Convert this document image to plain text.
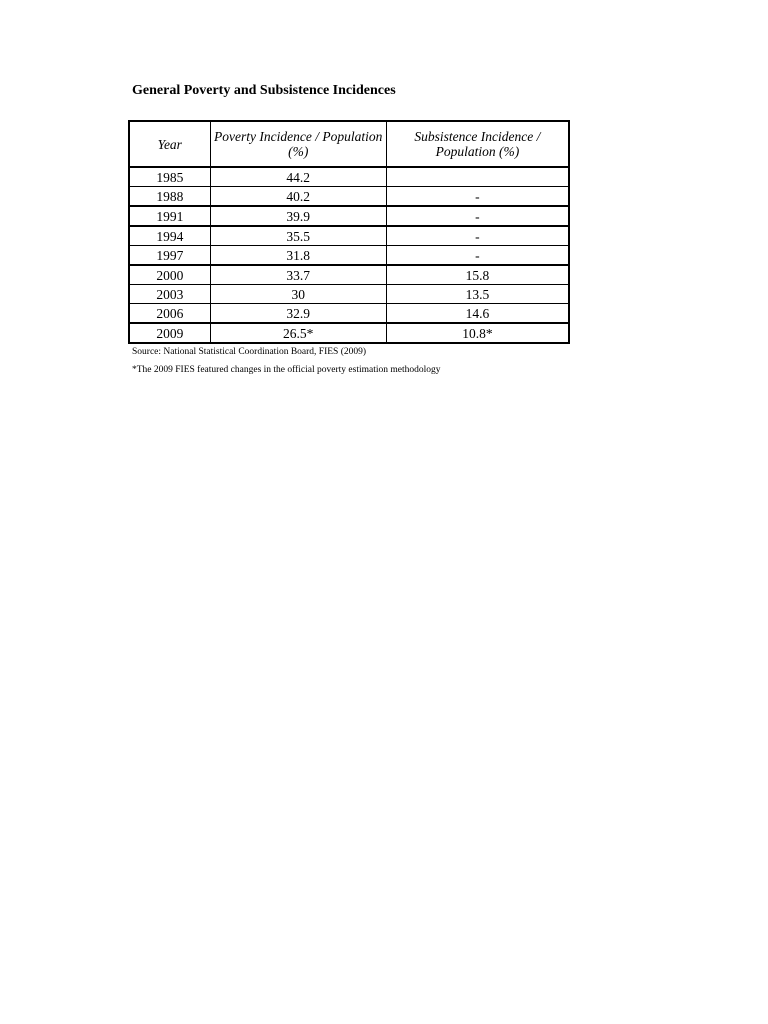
General Poverty and Subsistence Incidences
Year	Poverty Incidence / Population (%)	Subsistence Incidence / Population (%)
1985	44.2	
1988	40.2	-
1991	39.9	-
1994	35.5	-
1997	31.8	-
2000	33.7	15.8
2003	30	13.5
2006	32.9	14.6
2009	26.5*	10.8*
Source: National Statistical Coordination Board, FIES (2009)
*The 2009 FIES featured changes in the official poverty estimation methodology
